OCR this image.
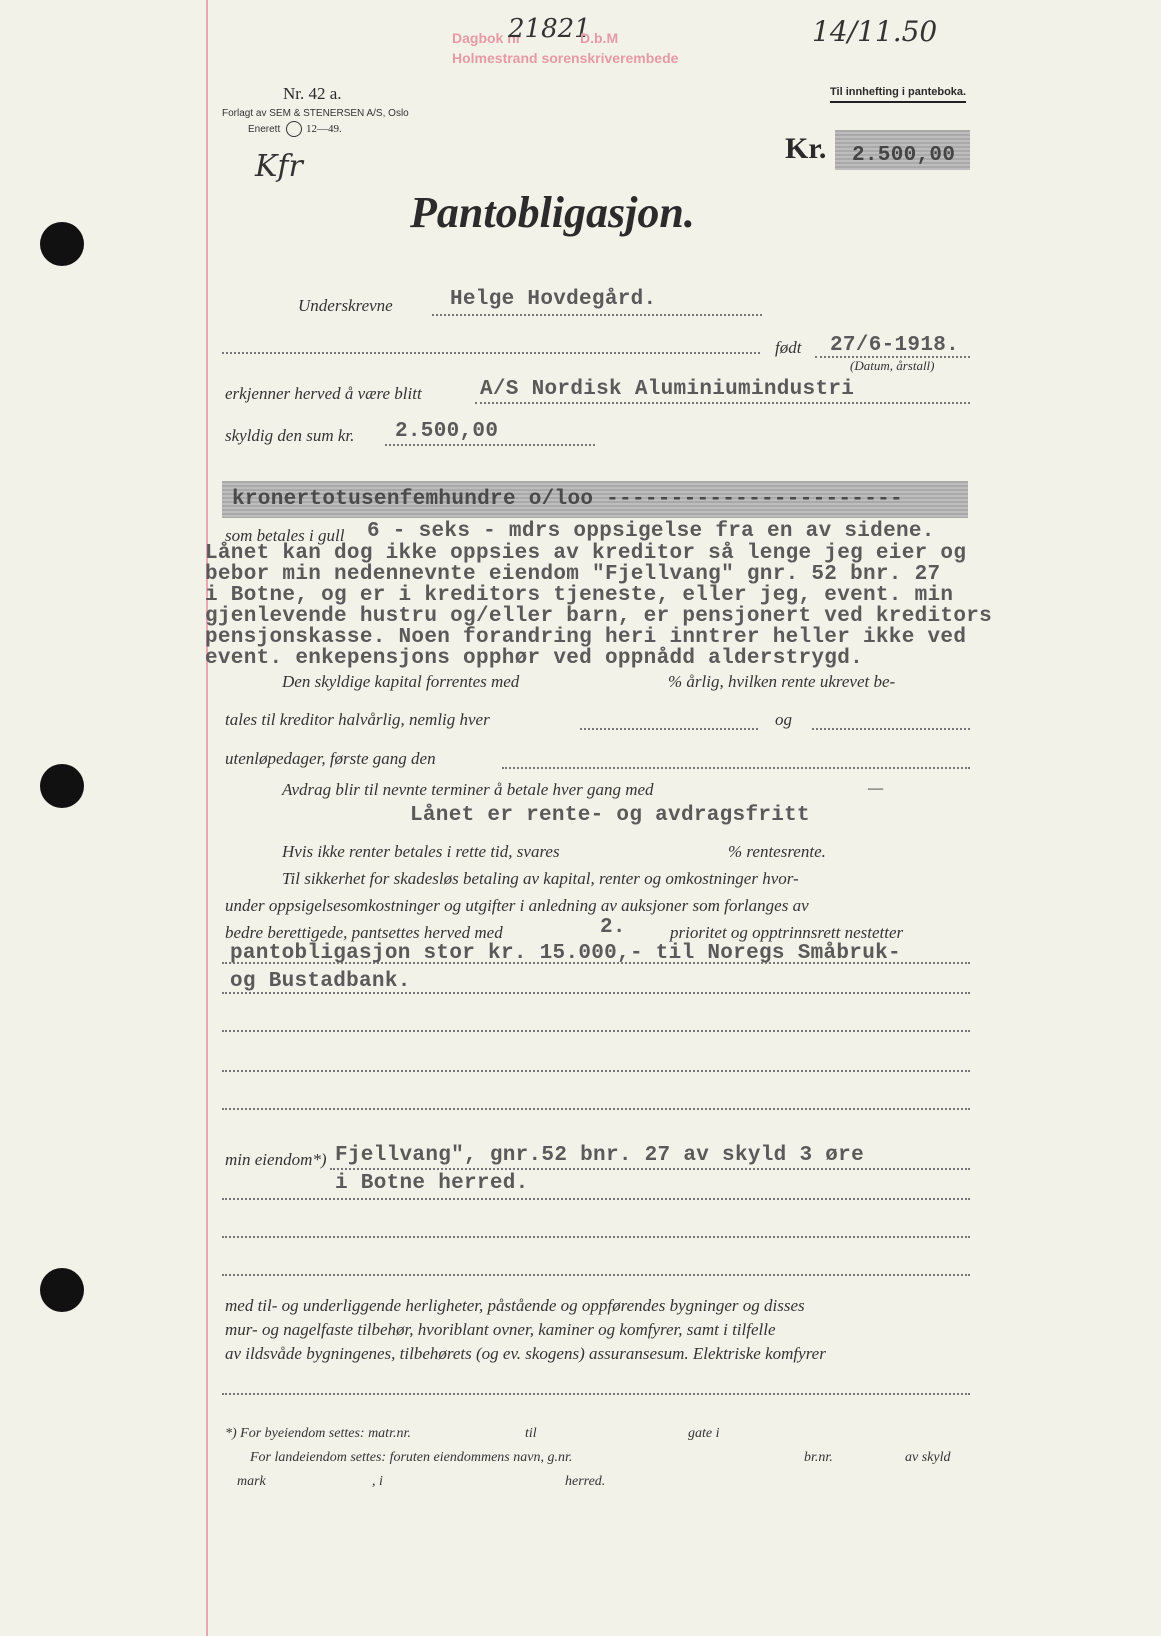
Nr. 42 a.
Forlagt av SEM & STENERSEN A/S, Oslo
Enerett 12—49.
Dagbok nr
21821
D.b.M	14/11.50
Holmestrand sorenskriverembede
Til innhefting i panteboka.
Kr. 2.500,00
Kfr
Pantobligasjon.
Underskrevne	Helge Hovdegård.
født 27/6-1918.
(Datum, årstall)
erkjenner herved å være blitt	A/S Nordisk Aluminiumindustri
skyldig den sum kr. 2.500,00
kronertotusenfemhundre o/loo -----------------------
som betales i gull 6 - seks - mdrs oppsigelse fra en av sidene.
Lånet kan dog ikke oppsies av kreditor så lenge jeg eier og
bebor min nedennevnte eiendom "Fjellvang" gnr. 52 bnr. 27
i Botne, og er i kreditors tjeneste, eller jeg, event. min
gjenlevende hustru og/eller barn, er pensjonert ved kreditors
pensjonskasse. Noen forandring heri inntrer heller ikke ved
event. enkepensjons opphør ved oppnådd alderstrygd.
Den skyldige kapital forrentes med	% årlig, hvilken rente ukrevet be-
tales til kreditor halvårlig, nemlig hver	og
utenløpedager, første gang den
Avdrag blir til nevnte terminer å betale hver gang med	—
Lånet er rente- og avdragsfritt
Hvis ikke renter betales i rette tid, svares	% rentesrente.
Til sikkerhet for skadesløs betaling av kapital, renter og omkostninger hvor-
under oppsigelsesomkostninger og utgifter i anledning av auksjoner som forlanges av
bedre berettigede, pantsettes herved med	2.	prioritet og opptrinnsrett nestetter
pantobligasjon stor kr. 15.000,- til Noregs Småbruk-
og Bustadbank.
min eiendom*) Fjellvang", gnr.52 bnr. 27 av skyld 3 øre
i Botne herred.
med til- og underliggende herligheter, påstående og oppførendes bygninger og disses
mur- og nagelfaste tilbehør, hvoriblant ovner, kaminer og komfyrer, samt i tilfelle
av ildsvåde bygningenes, tilbehørets (og ev. skogens) assuransesum. Elektriske komfyrer
*) For byeiendom settes: matr.nr.	til	gate i
For landeiendom settes: foruten eiendommens navn, g.nr.	br.nr.	av skyld
mark	, i	herred.
